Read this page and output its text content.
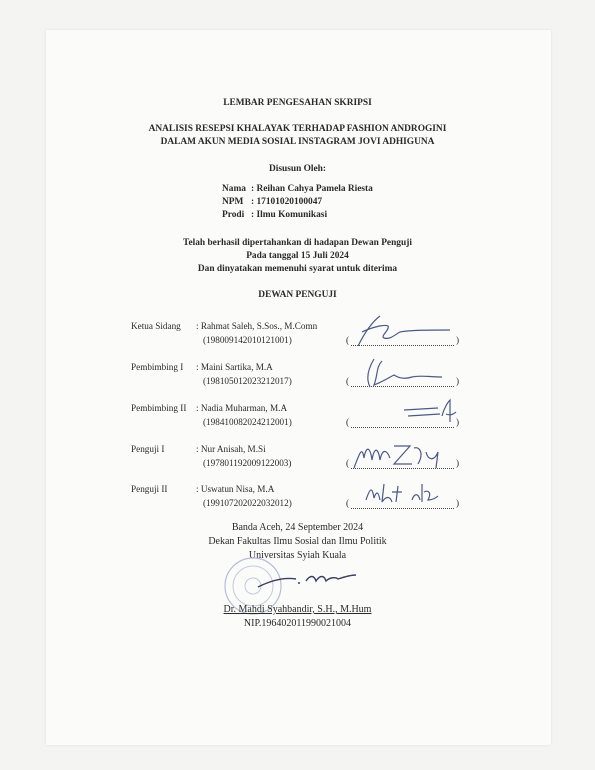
LEMBAR PENGESAHAN SKRIPSI
ANALISIS RESEPSI KHALAYAK TERHADAP FASHION ANDROGINI
DALAM AKUN MEDIA SOSIAL INSTAGRAM JOVI ADHIGUNA
Disusun Oleh:
Nama : Reihan Cahya Pamela Riesta
NPM : 17101020100047
Prodi : Ilmu Komunikasi
Telah berhasil dipertahankan di hadapan Dewan Penguji
Pada tanggal 15 Juli 2024
Dan dinyatakan memenuhi syarat untuk diterima
DEWAN PENGUJI
Ketua Sidang : Rahmat Saleh, S.Sos., M.Comn
(198009142010121001)	(	)
Pembimbing I : Maini Sartika, M.A
(198105012023212017)	(	)
Pembimbing II : Nadia Muharman, M.A
(198410082024212001)	(	)
Penguji I	: Nur Anisah, M.Si
(197801192009122003)	(	)
Penguji II	: Uswatun Nisa, M.A
(199107202022032012)	(	)
Banda Aceh, 24 September 2024
Dekan Fakultas Ilmu Sosial dan Ilmu Politik
Universitas Syiah Kuala
Dr. Mahdi Syahbandir, S.H., M.Hum
NIP.196402011990021004
